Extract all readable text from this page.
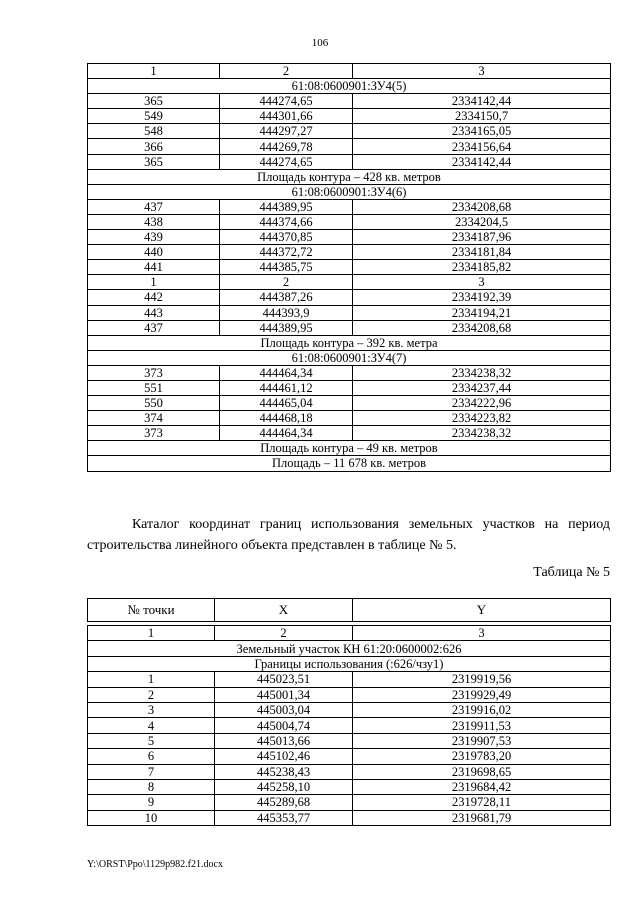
106
1	2	3
61:08:0600901:ЗУ4(5)		
365	444274,65	2334142,44
549	444301,66	2334150,7
548	444297,27	2334165,05
366	444269,78	2334156,64
365	444274,65	2334142,44
Площадь контура – 428 кв. метров		
61:08:0600901:ЗУ4(6)		
437	444389,95	2334208,68
438	444374,66	2334204,5
439	444370,85	2334187,96
440	444372,72	2334181,84
441	444385,75	2334185,82
1	2	3
442	444387,26	2334192,39
443	444393,9	2334194,21
437	444389,95	2334208,68
Площадь контура – 392 кв. метра		
61:08:0600901:ЗУ4(7)		
373	444464,34	2334238,32
551	444461,12	2334237,44
550	444465,04	2334222,96
374	444468,18	2334223,82
373	444464,34	2334238,32
Площадь контура – 49 кв. метров		
Площадь – 11 678 кв. метров		
Каталог координат границ использования земельных участков на период строительства линейного объекта представлен в таблице № 5.
Таблица № 5
№ точки	X	Y
1	2	3
Земельный участок КН 61:20:0600002:626		
Границы использования (:626/чзу1)		
1	445023,51	2319919,56
2	445001,34	2319929,49
3	445003,04	2319916,02
4	445004,74	2319911,53
5	445013,66	2319907,53
6	445102,46	2319783,20
7	445238,43	2319698,65
8	445258,10	2319684,42
9	445289,68	2319728,11
10	445353,77	2319681,79
Y:\ORST\Ppo\1129p982.f21.docx
